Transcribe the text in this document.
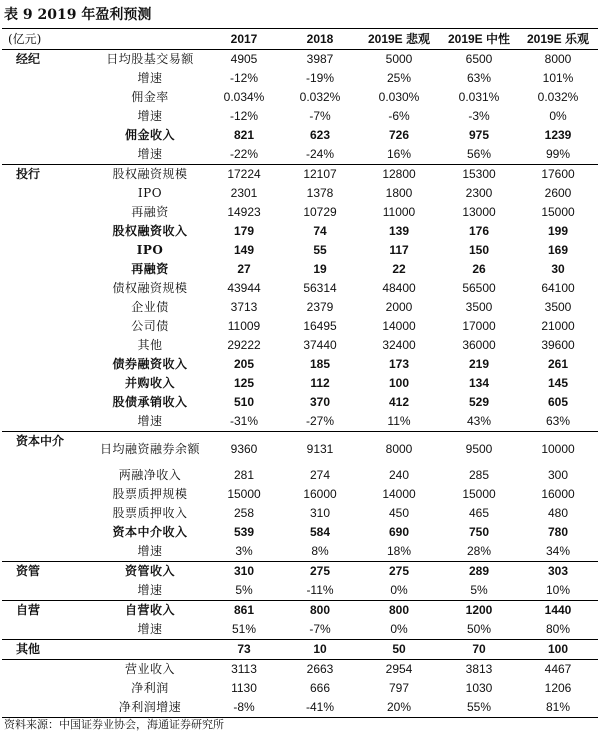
表 9 2019 年盈利预测
(亿元)		2017	2018	2019E 悲观	2019E 中性	2019E 乐观
经纪	日均股基交易额	4905	3987	5000	6500	8000
	增速	-12%	-19%	25%	63%	101%
	佣金率	0.034%	0.032%	0.030%	0.031%	0.032%
	增速	-12%	-7%	-6%	-3%	0%
	佣金收入	821	623	726	975	1239
	增速	-22%	-24%	16%	56%	99%
投行	股权融资规模	17224	12107	12800	15300	17600
	IPO	2301	1378	1800	2300	2600
	再融资	14923	10729	11000	13000	15000
	股权融资收入	179	74	139	176	199
	IPO	149	55	117	150	169
	再融资	27	19	22	26	30
	债权融资规模	43944	56314	48400	56500	64100
	企业债	3713	2379	2000	3500	3500
	公司债	11009	16495	14000	17000	21000
	其他	29222	37440	32400	36000	39600
	债券融资收入	205	185	173	219	261
	并购收入	125	112	100	134	145
	股债承销收入	510	370	412	529	605
	增速	-31%	-27%	11%	43%	63%
资本中介	日均融资融券余额	9360	9131	8000	9500	10000
	两融净收入	281	274	240	285	300
	股票质押规模	15000	16000	14000	15000	16000
	股票质押收入	258	310	450	465	480
	资本中介收入	539	584	690	750	780
	增速	3%	8%	18%	28%	34%
资管	资管收入	310	275	275	289	303
	增速	5%	-11%	0%	5%	10%
自营	自营收入	861	800	800	1200	1440
	增速	51%	-7%	0%	50%	80%
其他		73	10	50	70	100
	营业收入	3113	2663	2954	3813	4467
	净利润	1130	666	797	1030	1206
	净利润增速	-8%	-41%	20%	55%	81%
资料来源：中国证券业协会，海通证券研究所
